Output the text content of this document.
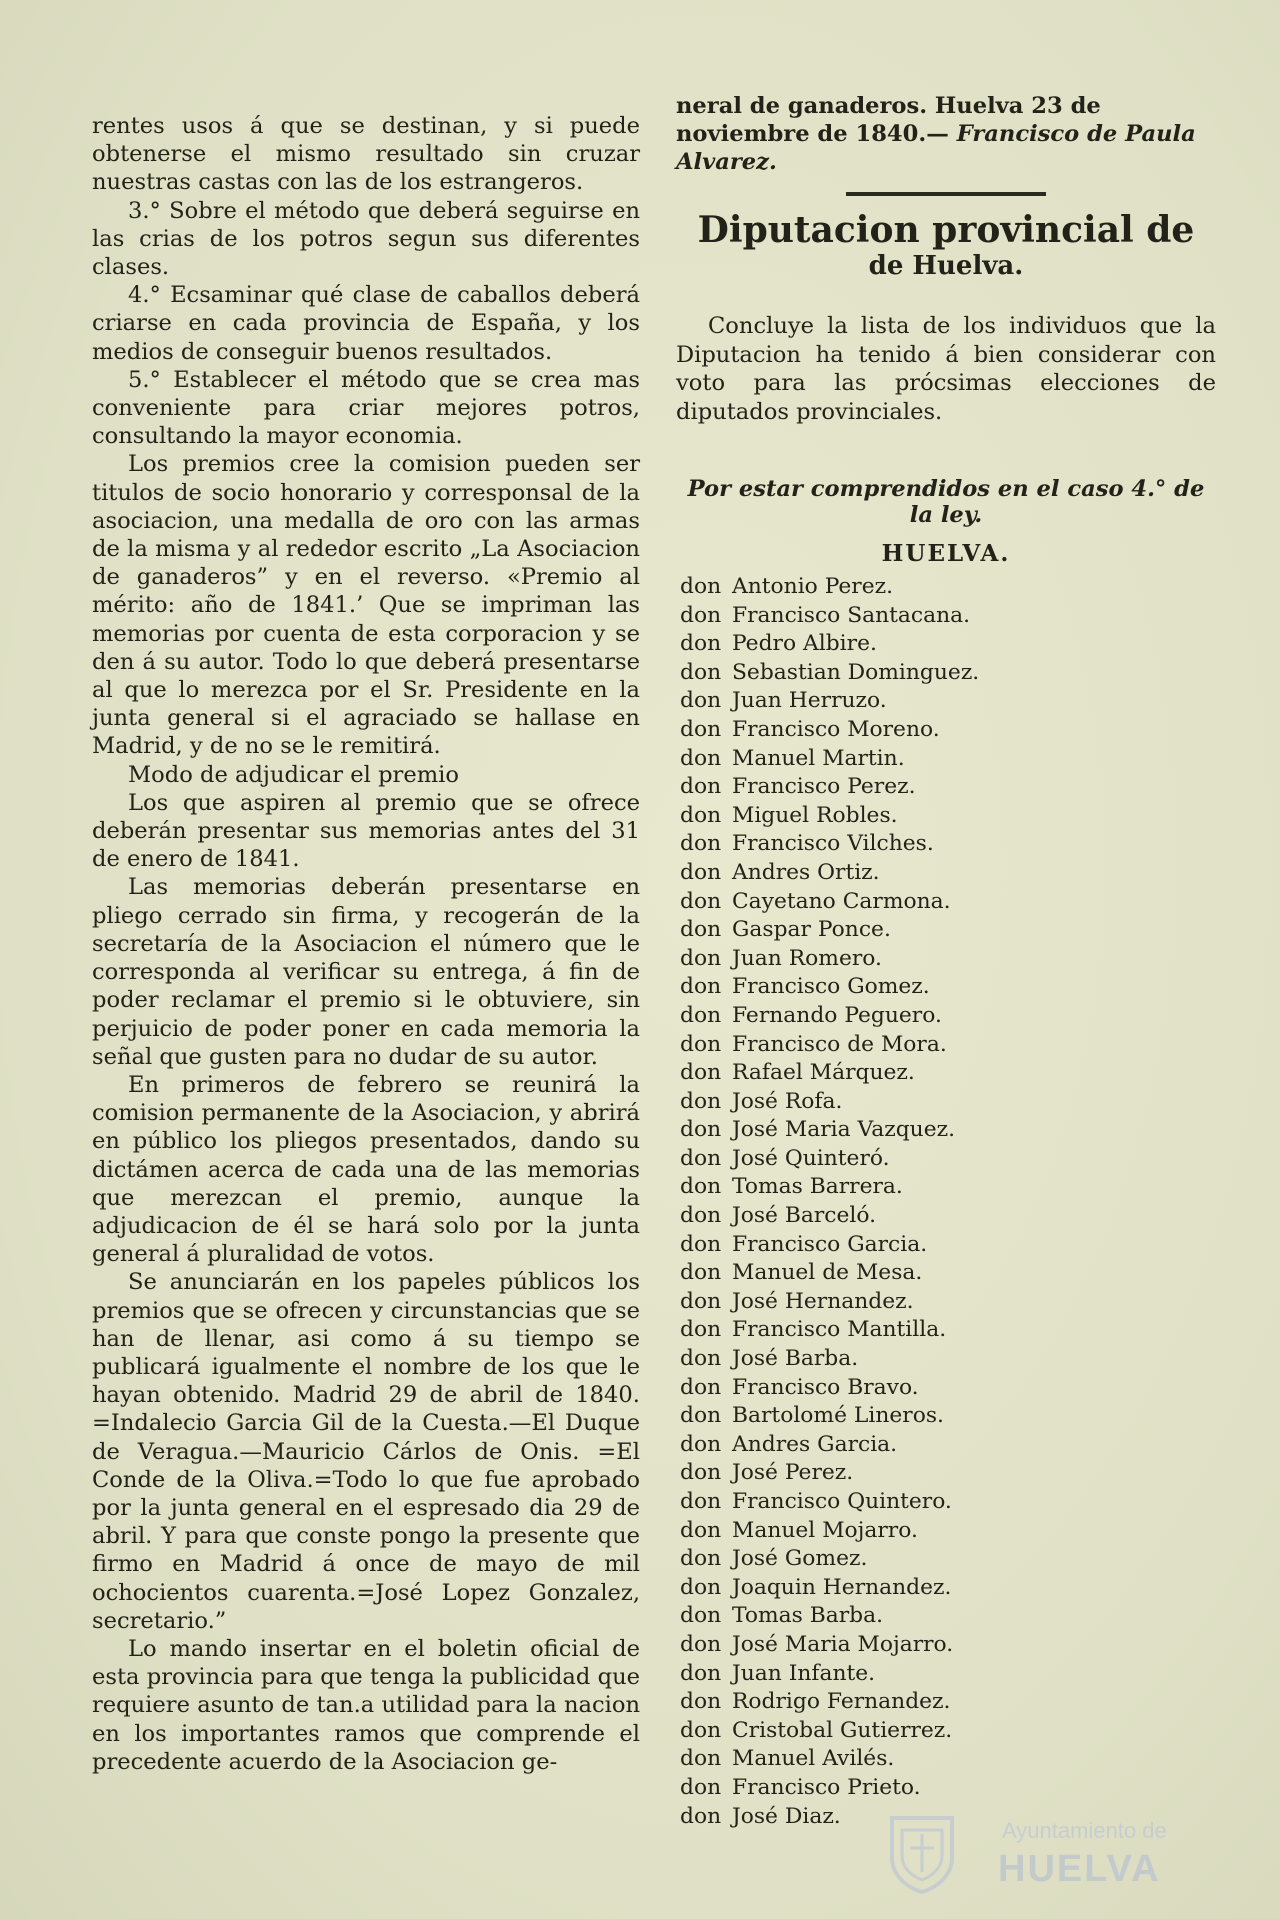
rentes usos á que se destinan, y si puede obtenerse el mismo resultado sin cruzar nuestras castas con las de los estrangeros.

3.° Sobre el método que deberá seguirse en las crias de los potros segun sus diferentes clases.

4.° Ecsaminar qué clase de caballos deberá criarse en cada provincia de España, y los medios de conseguir buenos resultados.

5.° Establecer el método que se crea mas conveniente para criar mejores potros, consultando la mayor economia.

Los premios cree la comision pueden ser titulos de socio honorario y corresponsal de la asociacion, una medalla de oro con las armas de la misma y al rededor escrito „La Asociacion de ganaderos” y en el reverso. «Premio al mérito: año de 1841.’ Que se impriman las memorias por cuenta de esta corporacion y se den á su autor. Todo lo que deberá presentarse al que lo merezca por el Sr. Presidente en la junta general si el agraciado se hallase en Madrid, y de no se le remitirá.

Modo de adjudicar el premio

Los que aspiren al premio que se ofrece deberán presentar sus memorias antes del 31 de enero de 1841.

Las memorias deberán presentarse en pliego cerrado sin firma, y recogerán de la secretaría de la Asociacion el número que le corresponda al verificar su entrega, á fin de poder reclamar el premio si le obtuviere, sin perjuicio de poder poner en cada memoria la señal que gusten para no dudar de su autor.

En primeros de febrero se reunirá la comision permanente de la Asociacion, y abrirá en público los pliegos presentados, dando su dictámen acerca de cada una de las memorias que merezcan el premio, aunque la adjudicacion de él se hará solo por la junta general á pluralidad de votos.

Se anunciarán en los papeles públicos los premios que se ofrecen y circunstancias que se han de llenar, asi como á su tiempo se publicará igualmente el nombre de los que le hayan obtenido. Madrid 29 de abril de 1840. =Indalecio Garcia Gil de la Cuesta.—El Duque de Veragua.—Mauricio Cárlos de Onis. =El Conde de la Oliva.=Todo lo que fue aprobado por la junta general en el espresado dia 29 de abril. Y para que conste pongo la presente que firmo en Madrid á once de mayo de mil ochocientos cuarenta.=José Lopez Gonzalez, secretario.”

Lo mando insertar en el boletin oficial de esta provincia para que tenga la publicidad que requiere asunto de tan.a utilidad para la nacion en los importantes ramos que comprende el precedente acuerdo de la Asociacion ge-

neral de ganaderos. Huelva 23 de noviembre de 1840.— Francisco de Paula Alvarez.

Diputacion provincial de
de Huelva.

Concluye la lista de los individuos que la Diputacion ha tenido á bien considerar con voto para las prócsimas elecciones de diputados provinciales.

Por estar comprendidos en el caso 4.° de la ley.

HUELVA.

don Antonio Perez.
don Francisco Santacana.
don Pedro Albire.
don Sebastian Dominguez.
don Juan Herruzo.
don Francisco Moreno.
don Manuel Martin.
don Francisco Perez.
don Miguel Robles.
don Francisco Vilches.
don Andres Ortiz.
don Cayetano Carmona.
don Gaspar Ponce.
don Juan Romero.
don Francisco Gomez.
don Fernando Peguero.
don Francisco de Mora.
don Rafael Márquez.
don José Rofa.
don José Maria Vazquez.
don José Quinteró.
don Tomas Barrera.
don José Barceló.
don Francisco Garcia.
don Manuel de Mesa.
don José Hernandez.
don Francisco Mantilla.
don José Barba.
don Francisco Bravo.
don Bartolomé Lineros.
don Andres Garcia.
don José Perez.
don Francisco Quintero.
don Manuel Mojarro.
don José Gomez.
don Joaquin Hernandez.
don Tomas Barba.
don José Maria Mojarro.
don Juan Infante.
don Rodrigo Fernandez.
don Cristobal Gutierrez.
don Manuel Avilés.
don Francisco Prieto.
don José Diaz.
Ayuntamiento de
HUELVA
